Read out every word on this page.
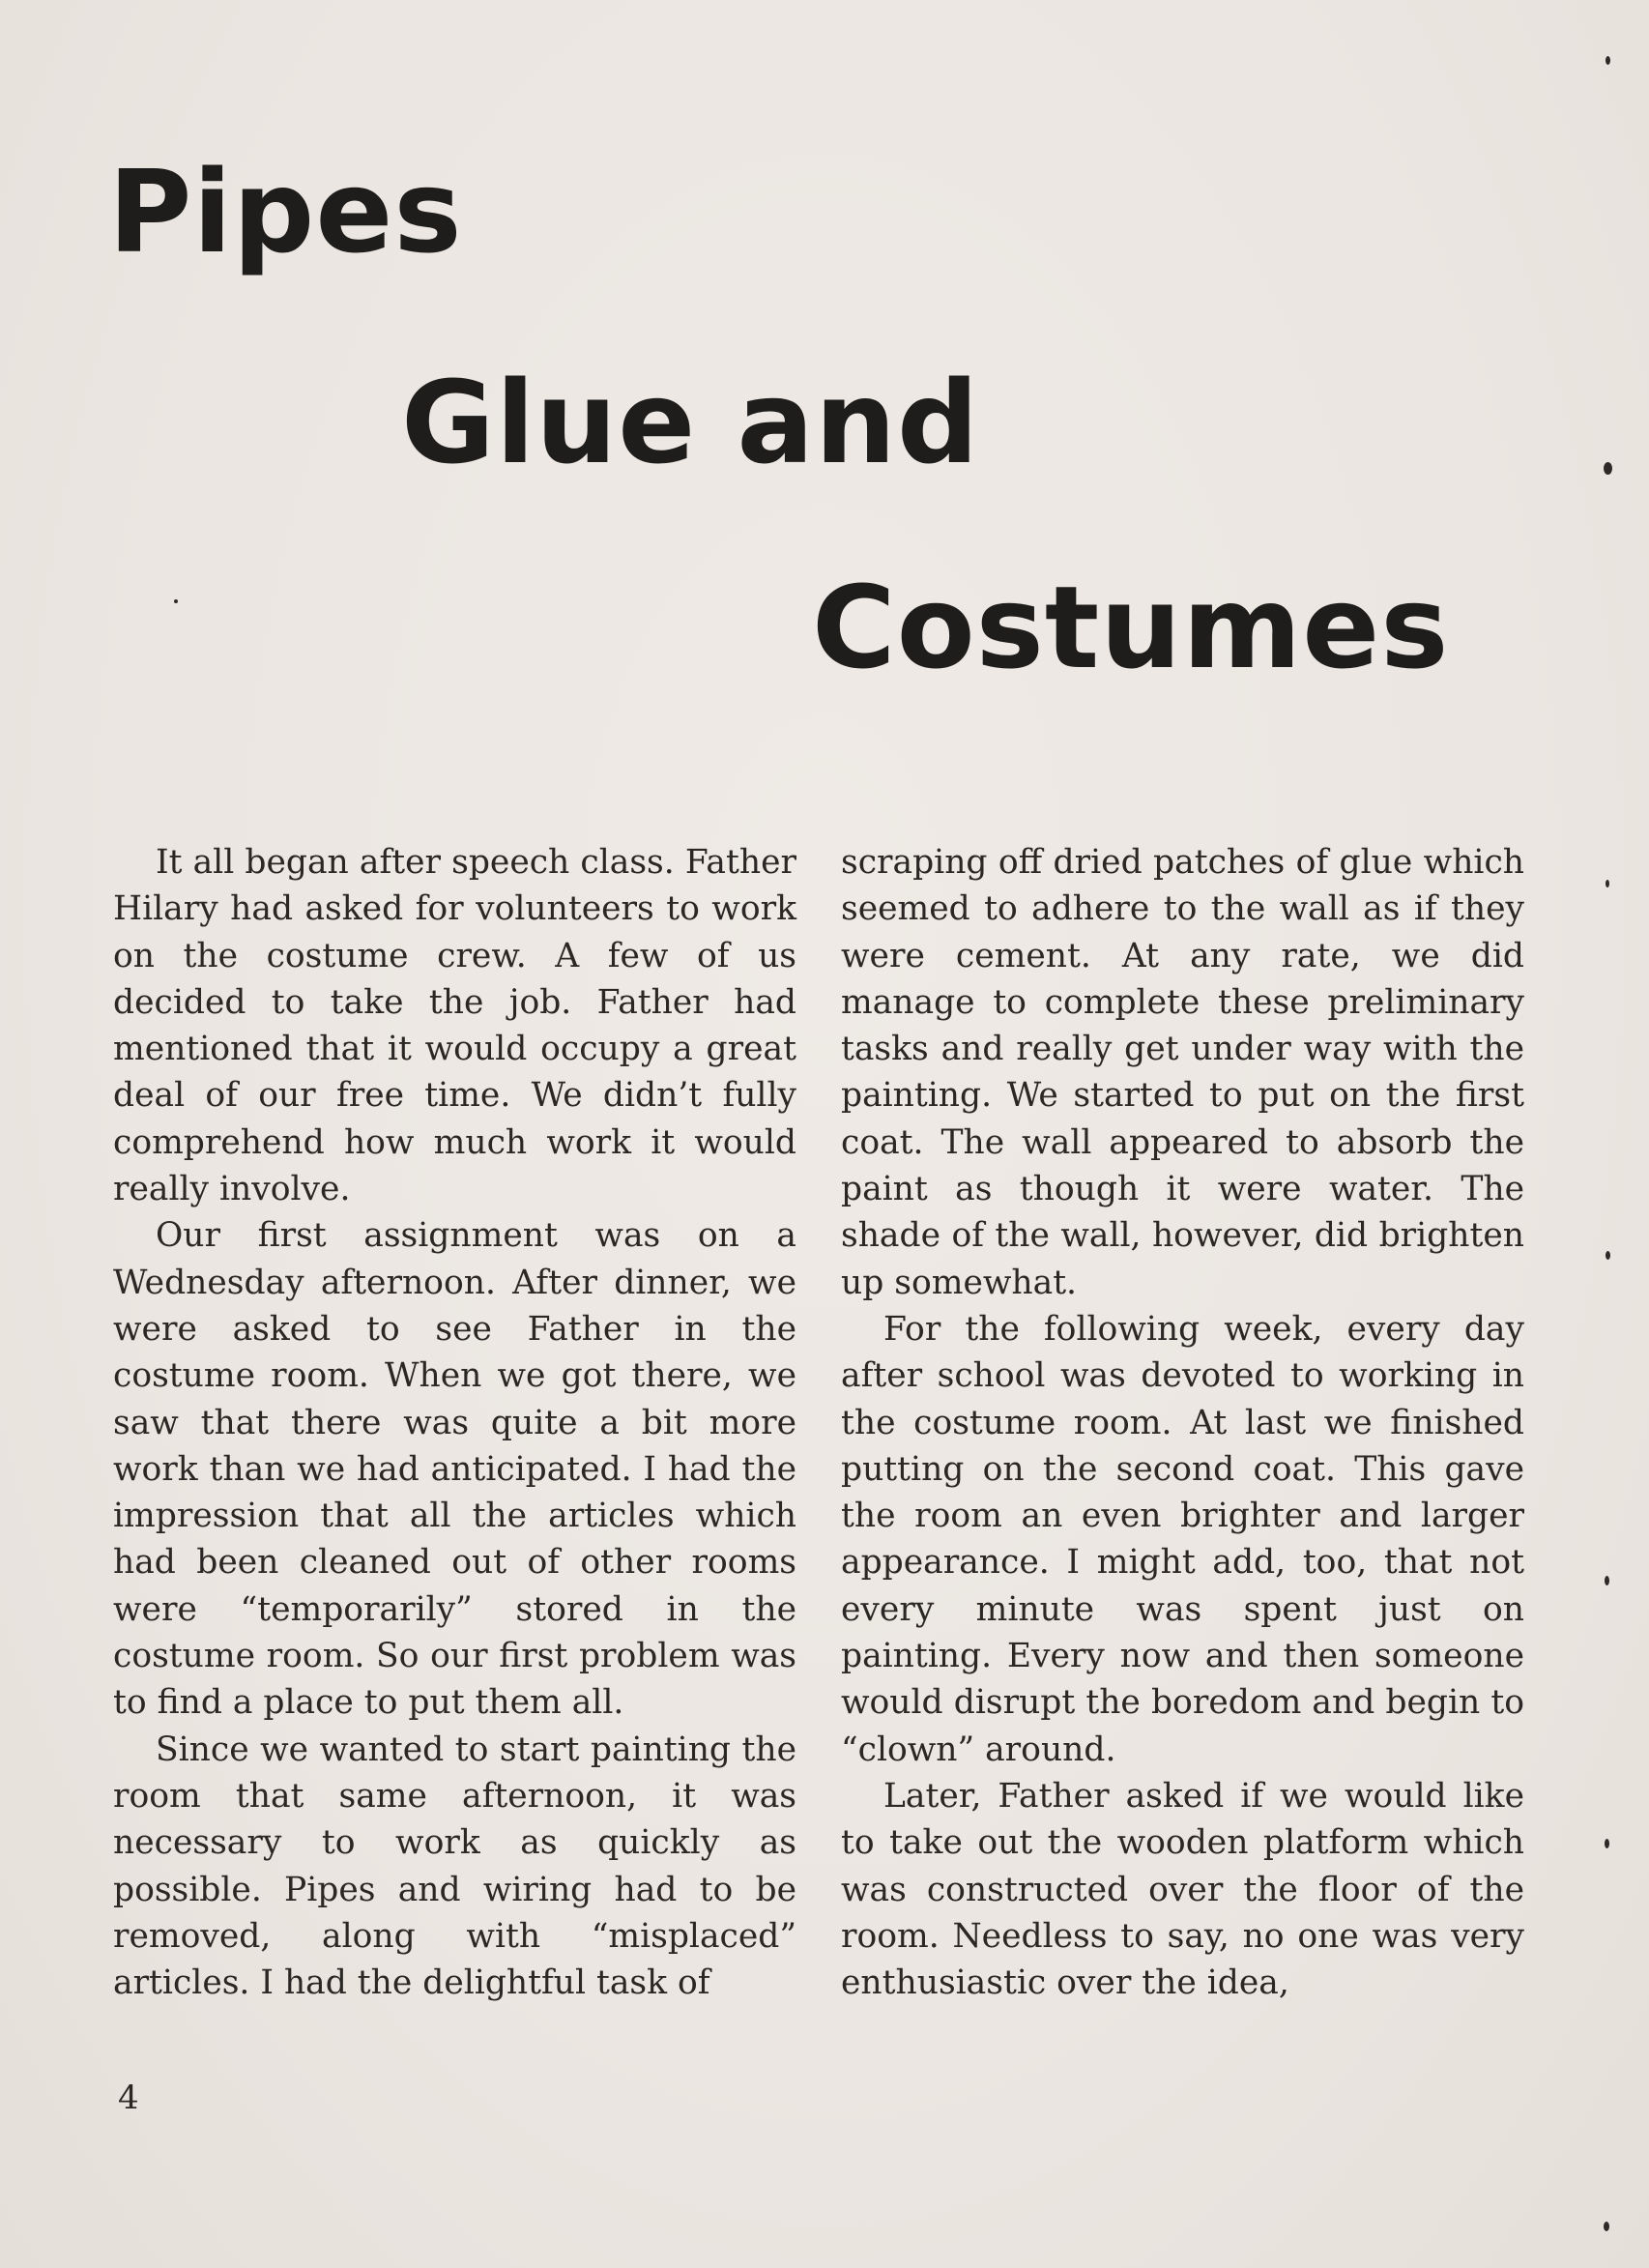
Pipes
Glue and
Costumes

It all began after speech class. Father Hilary had asked for volunteers to work on the costume crew. A few of us decided to take the job. Father had mentioned that it would occupy a great deal of our free time. We didn’t fully comprehend how much work it would really involve.

Our first assignment was on a Wednesday afternoon. After dinner, we were asked to see Father in the costume room. When we got there, we saw that there was quite a bit more work than we had anticipated. I had the impression that all the articles which had been cleaned out of other rooms were “temporarily” stored in the costume room. So our first problem was to find a place to put them all.

Since we wanted to start painting the room that same afternoon, it was necessary to work as quickly as possible. Pipes and wiring had to be removed, along with “misplaced” articles. I had the delightful task of

scraping off dried patches of glue which seemed to adhere to the wall as if they were cement. At any rate, we did manage to complete these preliminary tasks and really get under way with the painting. We started to put on the first coat. The wall appeared to absorb the paint as though it were water. The shade of the wall, however, did brighten up somewhat.

For the following week, every day after school was devoted to working in the costume room. At last we finished putting on the second coat. This gave the room an even brighter and larger appearance. I might add, too, that not every minute was spent just on painting. Every now and then someone would disrupt the boredom and begin to “clown” around.

Later, Father asked if we would like to take out the wooden platform which was constructed over the floor of the room. Needless to say, no one was very enthusiastic over the idea,

4
